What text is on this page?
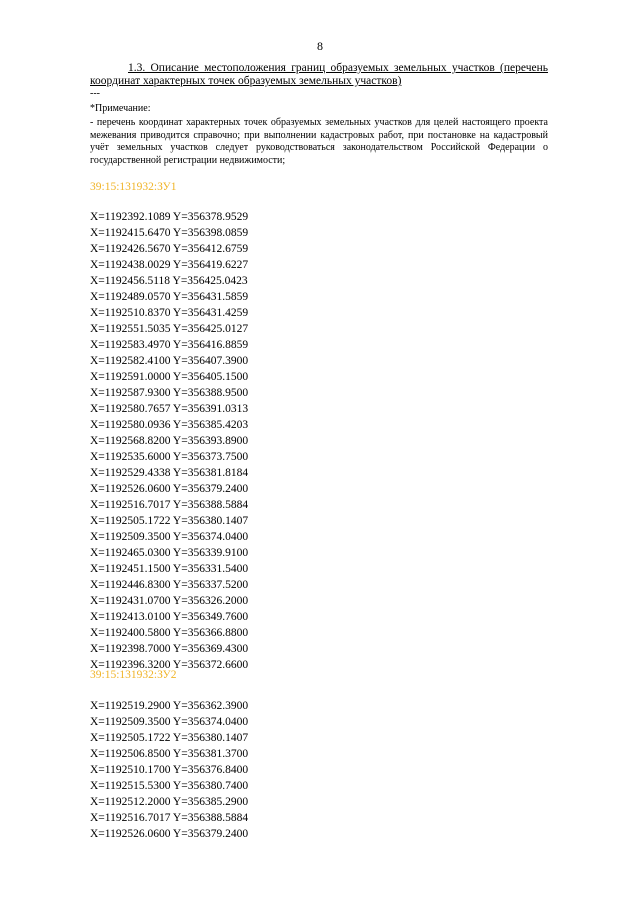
8
1.3. Описание местоположения границ образуемых земельных участков (перечень координат характерных точек образуемых земельных участков)
---
*Примечание:
- перечень координат характерных точек образуемых земельных участков для целей настоящего проекта межевания приводится справочно; при выполнении кадастровых работ, при постановке на кадастровый учёт земельных участков следует руководствоваться законодательством Российской Федерации о государственной регистрации недвижимости;
39:15:131932:ЗУ1
X=1192392.1089 Y=356378.9529
X=1192415.6470 Y=356398.0859
X=1192426.5670 Y=356412.6759
X=1192438.0029 Y=356419.6227
X=1192456.5118 Y=356425.0423
X=1192489.0570 Y=356431.5859
X=1192510.8370 Y=356431.4259
X=1192551.5035 Y=356425.0127
X=1192583.4970 Y=356416.8859
X=1192582.4100 Y=356407.3900
X=1192591.0000 Y=356405.1500
X=1192587.9300 Y=356388.9500
X=1192580.7657 Y=356391.0313
X=1192580.0936 Y=356385.4203
X=1192568.8200 Y=356393.8900
X=1192535.6000 Y=356373.7500
X=1192529.4338 Y=356381.8184
X=1192526.0600 Y=356379.2400
X=1192516.7017 Y=356388.5884
X=1192505.1722 Y=356380.1407
X=1192509.3500 Y=356374.0400
X=1192465.0300 Y=356339.9100
X=1192451.1500 Y=356331.5400
X=1192446.8300 Y=356337.5200
X=1192431.0700 Y=356326.2000
X=1192413.0100 Y=356349.7600
X=1192400.5800 Y=356366.8800
X=1192398.7000 Y=356369.4300
X=1192396.3200 Y=356372.6600
39:15:131932:ЗУ2
X=1192519.2900 Y=356362.3900
X=1192509.3500 Y=356374.0400
X=1192505.1722 Y=356380.1407
X=1192506.8500 Y=356381.3700
X=1192510.1700 Y=356376.8400
X=1192515.5300 Y=356380.7400
X=1192512.2000 Y=356385.2900
X=1192516.7017 Y=356388.5884
X=1192526.0600 Y=356379.2400
